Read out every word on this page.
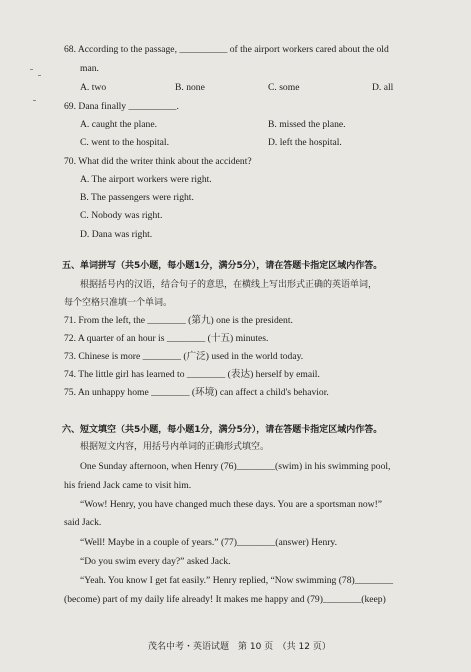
68. According to the passage, __________ of the airport workers cared about the old
man.
A. two	B. none	C. some	D. all
69. Dana finally __________.
A. caught the plane.	B. missed the plane.
C. went to the hospital.	D. left the hospital.
70. What did the writer think about the accident?
A. The airport workers were right.
B. The passengers were right.
C. Nobody was right.
D. Dana was right.
五、单词拼写（共5小题，每小题1分，满分5分），请在答题卡指定区域内作答。
根据括号内的汉语，结合句子的意思，在横线上写出形式正确的英语单词，
每个空格只准填一个单词。
71. From the left, the ________ (第九) one is the president.
72. A quarter of an hour is ________ (十五) minutes.
73. Chinese is more ________ (广泛) used in the world today.
74. The little girl has learned to ________ (表达) herself by email.
75. An unhappy home ________ (环境) can affect a child's behavior.
六、短文填空（共5小题，每小题1分，满分5分），请在答题卡指定区域内作答。
根据短文内容，用括号内单词的正确形式填空。
One Sunday afternoon, when Henry (76)________(swim) in his swimming pool,
his friend Jack came to visit him.
“Wow! Henry, you have changed much these days. You are a sportsman now!”
said Jack.
“Well! Maybe in a couple of years.” (77)________(answer) Henry.
“Do you swim every day?” asked Jack.
“Yeah. You know I get fat easily.” Henry replied, “Now swimming (78)________
(become) part of my daily life already! It makes me happy and (79)________(keep)
茂名中考・英语试题　第 10 页　（共 12 页）
